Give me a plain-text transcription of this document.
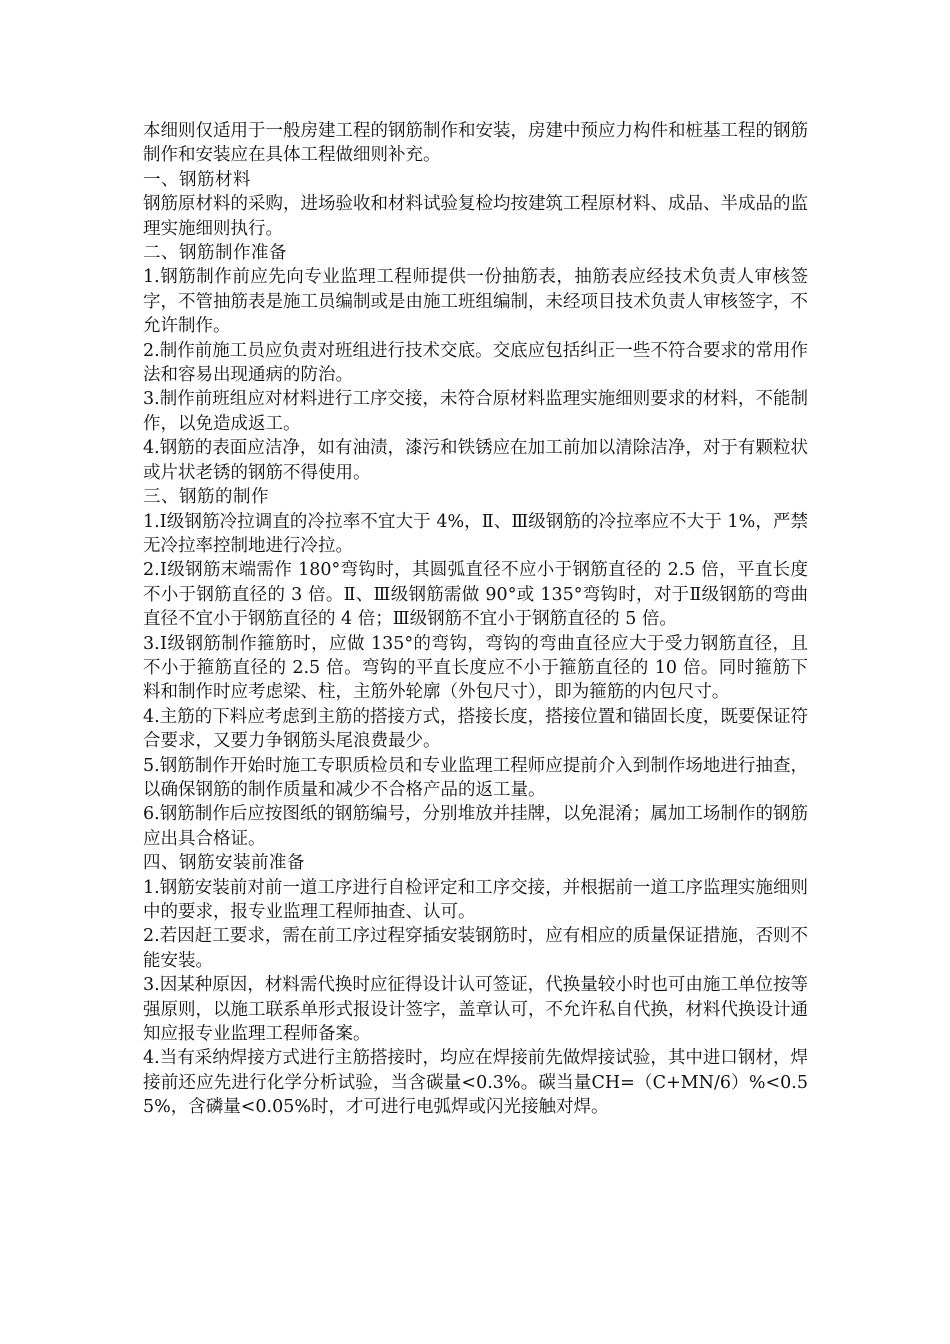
本细则仅适用于一般房建工程的钢筋制作和安装，房建中预应力构件和桩基工程的钢筋制作和安装应在具体工程做细则补充。

一、钢筋材料

钢筋原材料的采购，进场验收和材料试验复检均按建筑工程原材料、成品、半成品的监理实施细则执行。

二、钢筋制作准备

1.钢筋制作前应先向专业监理工程师提供一份抽筋表，抽筋表应经技术负责人审核签字，不管抽筋表是施工员编制或是由施工班组编制，未经项目技术负责人审核签字，不允许制作。

2.制作前施工员应负责对班组进行技术交底。交底应包括纠正一些不符合要求的常用作法和容易出现通病的防治。

3.制作前班组应对材料进行工序交接，未符合原材料监理实施细则要求的材料，不能制作，以免造成返工。

4.钢筋的表面应洁净，如有油渍，漆污和铁锈应在加工前加以清除洁净，对于有颗粒状或片状老锈的钢筋不得使用。

三、钢筋的制作

1.Ⅰ级钢筋冷拉调直的冷拉率不宜大于 4%，Ⅱ、Ⅲ级钢筋的冷拉率应不大于 1%，严禁无冷拉率控制地进行冷拉。

2.Ⅰ级钢筋末端需作 180°弯钩时，其圆弧直径不应小于钢筋直径的 2.5 倍，平直长度不小于钢筋直径的 3 倍。Ⅱ、Ⅲ级钢筋需做 90°或 135°弯钩时，对于Ⅱ级钢筋的弯曲直径不宜小于钢筋直径的 4 倍；Ⅲ级钢筋不宜小于钢筋直径的 5 倍。

3.Ⅰ级钢筋制作箍筋时，应做 135°的弯钩，弯钩的弯曲直径应大于受力钢筋直径，且不小于箍筋直径的 2.5 倍。弯钩的平直长度应不小于箍筋直径的 10 倍。同时箍筋下料和制作时应考虑梁、柱，主筋外轮廓（外包尺寸），即为箍筋的内包尺寸。

4.主筋的下料应考虑到主筋的搭接方式，搭接长度，搭接位置和锚固长度，既要保证符合要求，又要力争钢筋头尾浪费最少。

5.钢筋制作开始时施工专职质检员和专业监理工程师应提前介入到制作场地进行抽查，以确保钢筋的制作质量和减少不合格产品的返工量。

6.钢筋制作后应按图纸的钢筋编号，分别堆放并挂牌，以免混淆；属加工场制作的钢筋应出具合格证。

四、钢筋安装前准备

1.钢筋安装前对前一道工序进行自检评定和工序交接，并根据前一道工序监理实施细则中的要求，报专业监理工程师抽查、认可。

2.若因赶工要求，需在前工序过程穿插安装钢筋时，应有相应的质量保证措施，否则不能安装。

3.因某种原因，材料需代换时应征得设计认可签证，代换量较小时也可由施工单位按等强原则，以施工联系单形式报设计签字，盖章认可，不允许私自代换，材料代换设计通知应报专业监理工程师备案。

4.当有采纳焊接方式进行主筋搭接时，均应在焊接前先做焊接试验，其中进口钢材，焊接前还应先进行化学分析试验，当含碳量<0.3%。碳当量CH=（C+MN/6）%<0.55%，含磷量<0.05%时，才可进行电弧焊或闪光接触对焊。
